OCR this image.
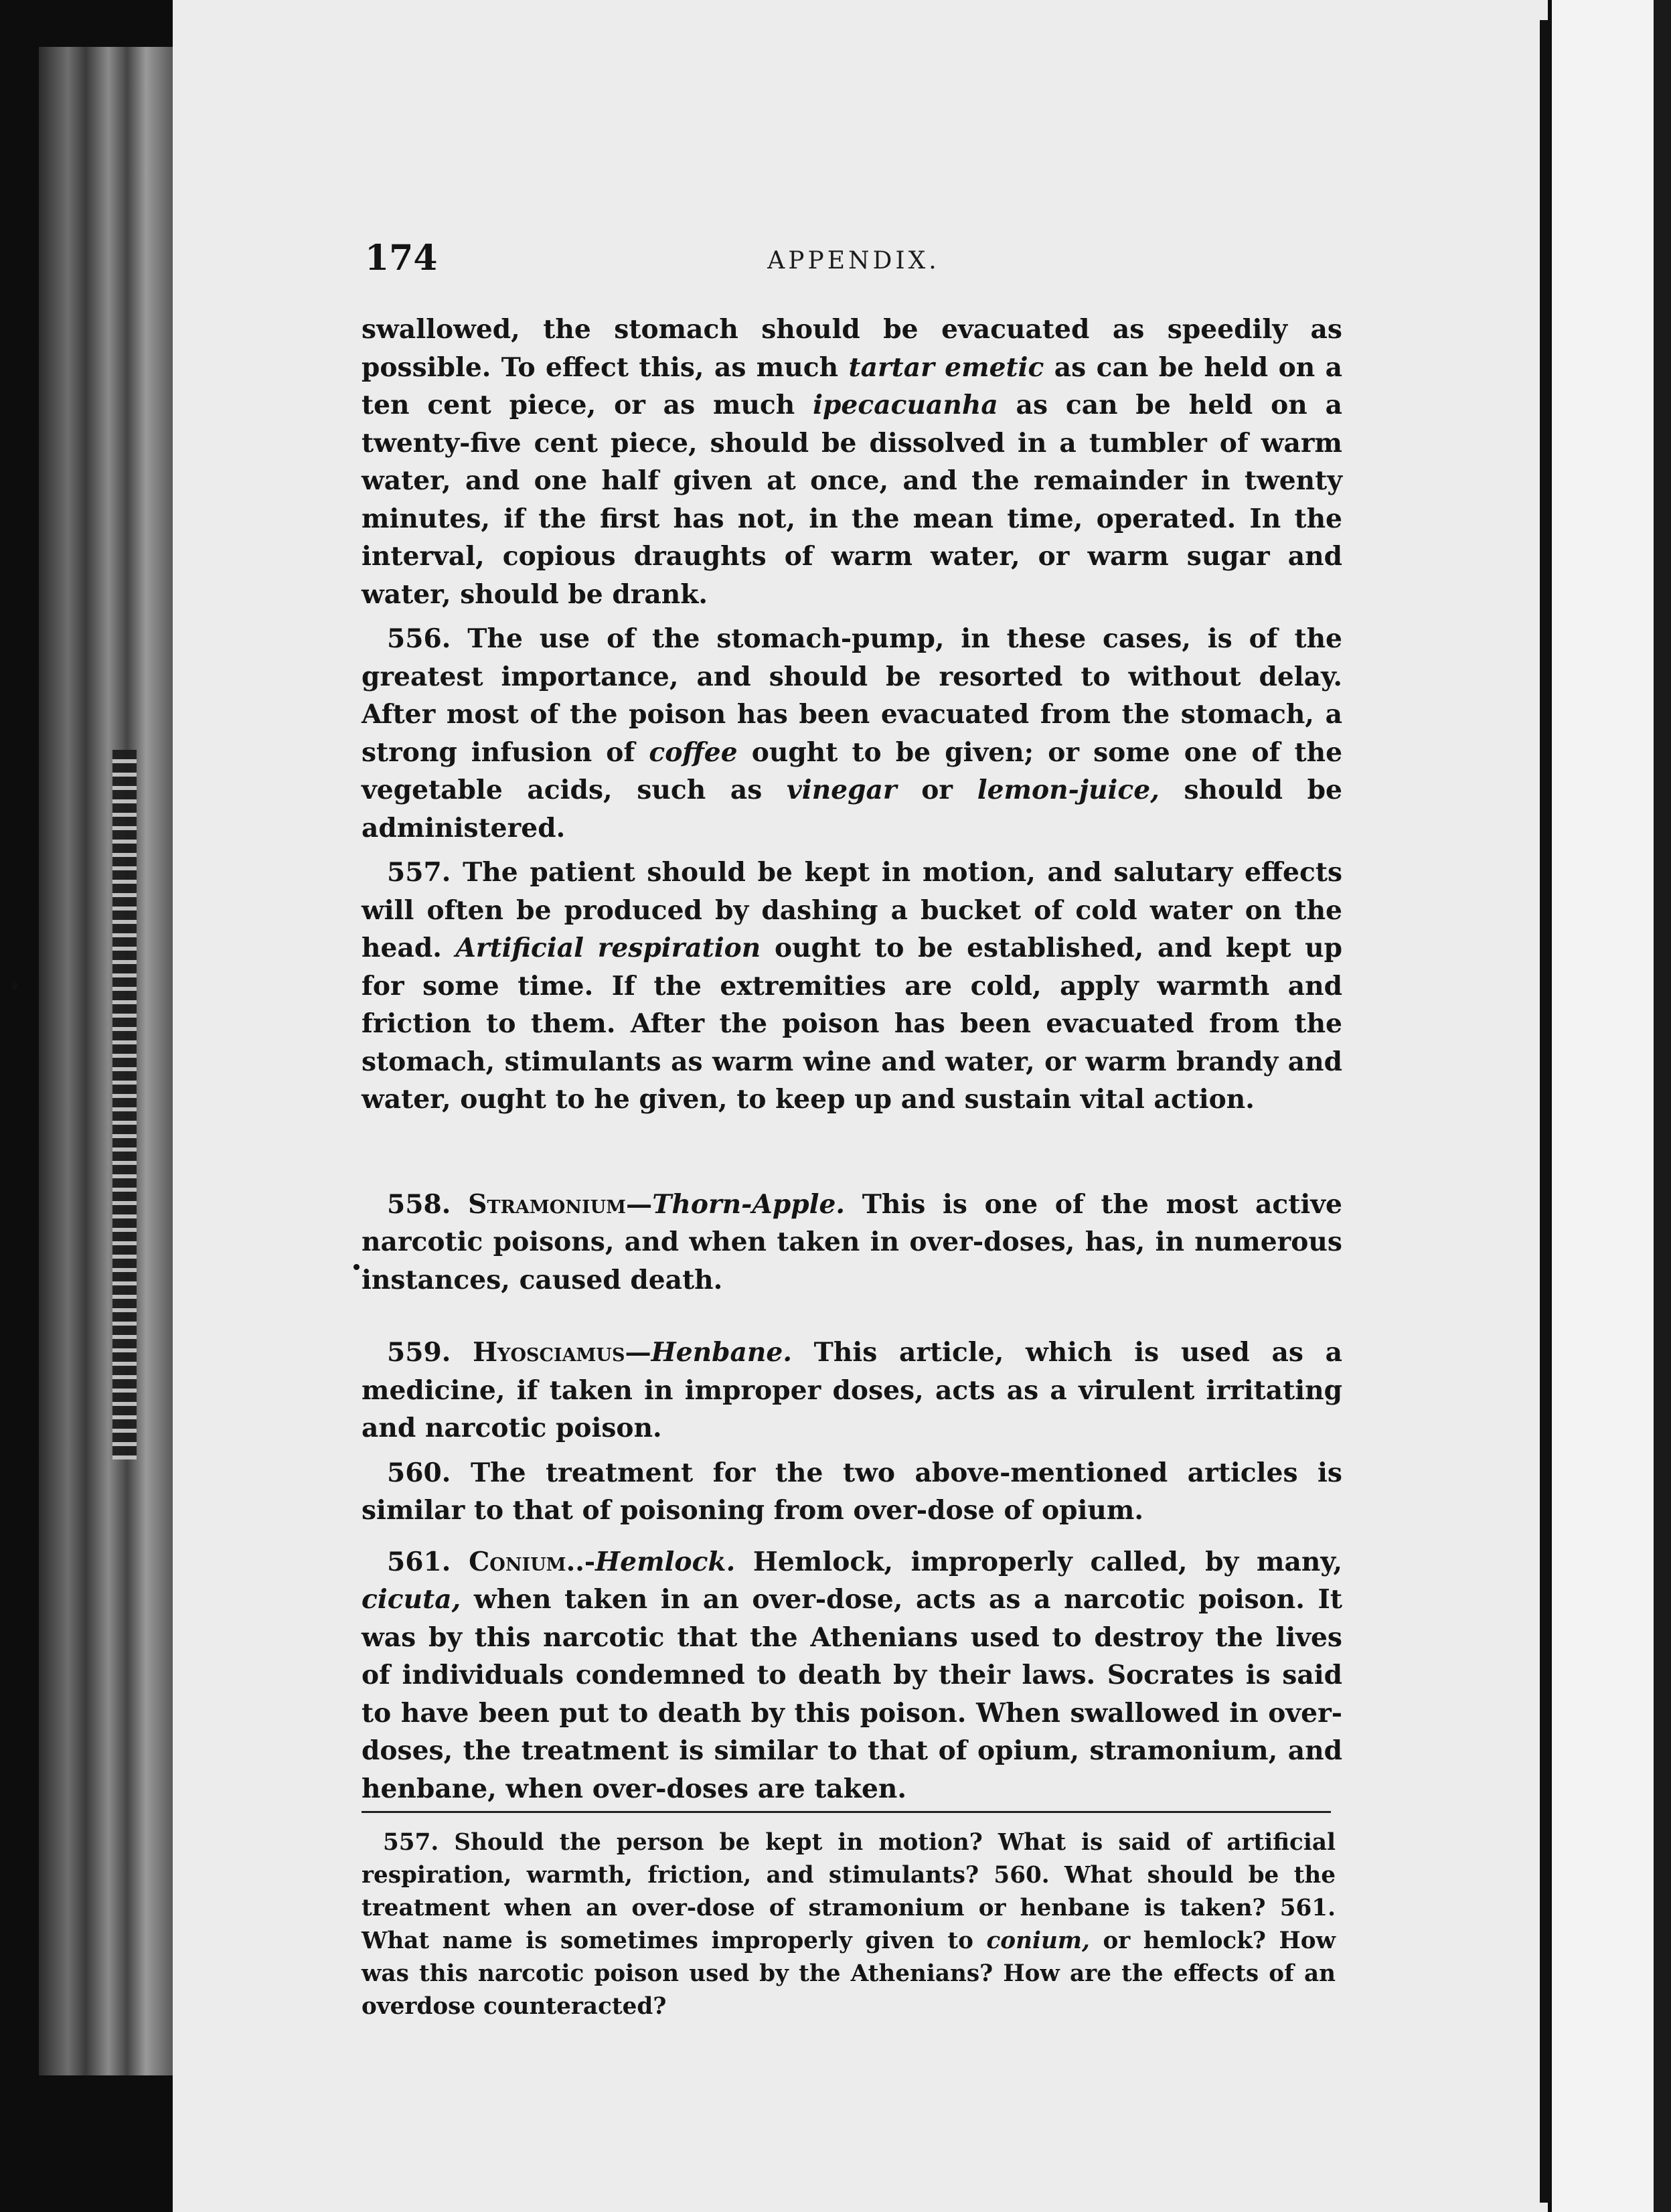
174	APPENDIX.

swallowed, the stomach should be evacuated as speedily as possible. To effect this, as much tartar emetic as can be held on a ten cent piece, or as much ipecacuanha as can be held on a twenty-five cent piece, should be dissolved in a tumbler of warm water, and one half given at once, and the remainder in twenty minutes, if the first has not, in the mean time, operated. In the interval, copious draughts of warm water, or warm sugar and water, should be drank.

556. The use of the stomach-pump, in these cases, is of the greatest importance, and should be resorted to without delay. After most of the poison has been evacuated from the stomach, a strong infusion of coffee ought to be given; or some one of the vegetable acids, such as vinegar or lemon-juice, should be administered.

557. The patient should be kept in motion, and salutary effects will often be produced by dashing a bucket of cold water on the head. Artificial respiration ought to be established, and kept up for some time. If the extremities are cold, apply warmth and friction to them. After the poison has been evacuated from the stomach, stimulants as warm wine and water, or warm brandy and water, ought to he given, to keep up and sustain vital action.

558. Stramonium—Thorn-Apple. This is one of the most active narcotic poisons, and when taken in over-doses, has, in numerous instances, caused death.

559. Hyosciamus—Henbane. This article, which is used as a medicine, if taken in improper doses, acts as a virulent irritating and narcotic poison.

560. The treatment for the two above-mentioned articles is similar to that of poisoning from over-dose of opium.

561. Conium..-Hemlock. Hemlock, improperly called, by many, cicuta, when taken in an over-dose, acts as a narcotic poison. It was by this narcotic that the Athenians used to destroy the lives of individuals condemned to death by their laws. Socrates is said to have been put to death by this poison. When swallowed in over-doses, the treatment is similar to that of opium, stramonium, and henbane, when over-doses are taken.

557. Should the person be kept in motion? What is said of artificial respiration, warmth, friction, and stimulants? 560. What should be the treatment when an over-dose of stramonium or henbane is taken? 561. What name is sometimes improperly given to conium, or hemlock? How was this narcotic poison used by the Athenians? How are the effects of an overdose counteracted?
